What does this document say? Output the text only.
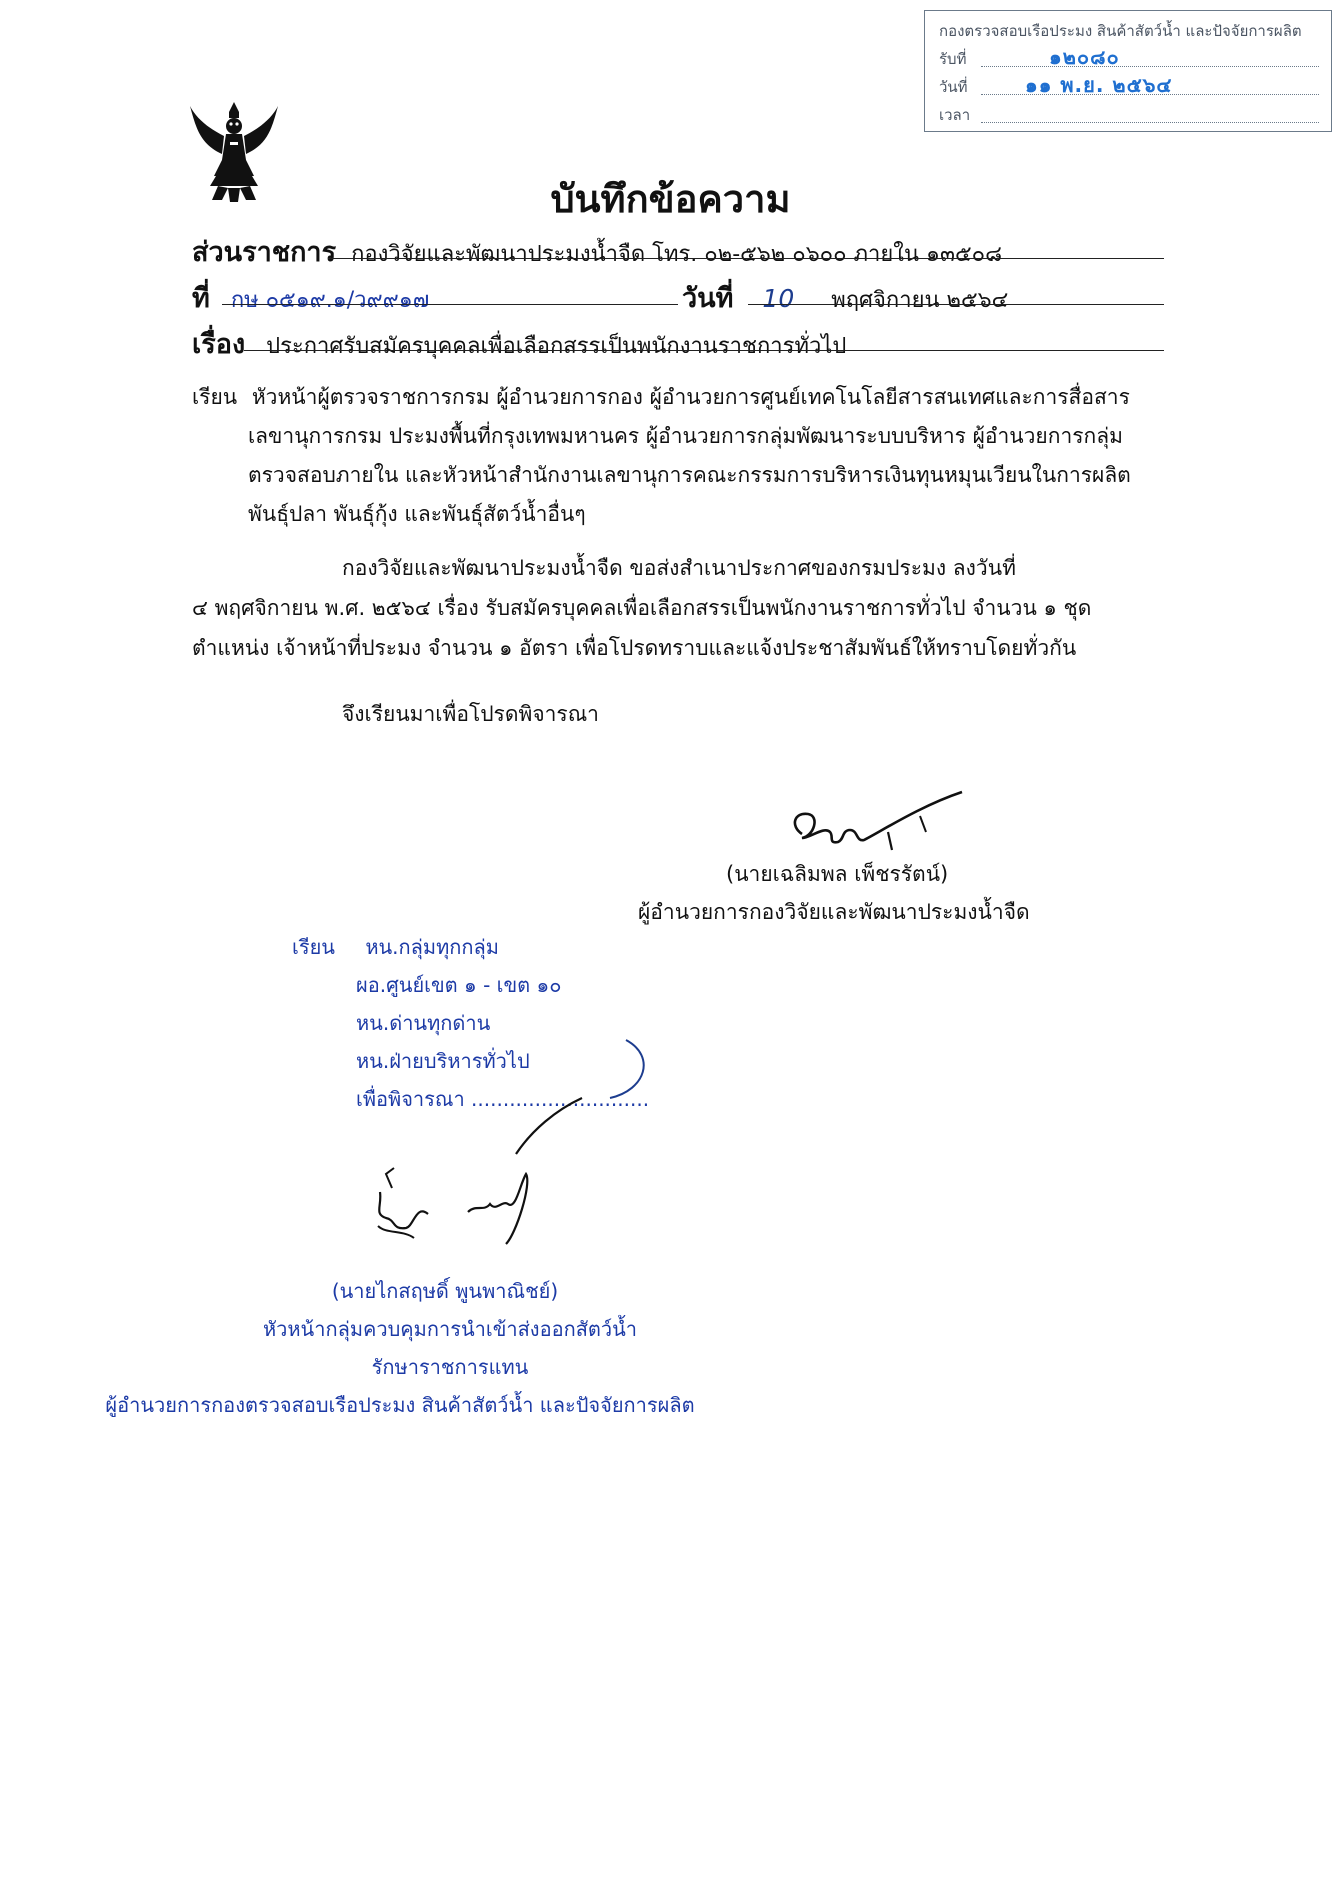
กองตรวจสอบเรือประมง สินค้าสัตว์น้ำ และปัจจัยการผลิต
รับที่	๑๒๐๘๐
วันที่	๑๑ พ.ย. ๒๕๖๔
เวลา
บันทึกข้อความ
ส่วนราชการ กองวิจัยและพัฒนาประมงน้ำจืด โทร. ๐๒-๕๖๒ ๐๖๐๐ ภายใน ๑๓๕๐๘
ที่ กษ ๐๕๑๙.๑/ว๙๙๑๗	วันที่ 10 พฤศจิกายน ๒๕๖๔
เรื่อง ประกาศรับสมัครบุคคลเพื่อเลือกสรรเป็นพนักงานราชการทั่วไป
เรียน หัวหน้าผู้ตรวจราชการกรม ผู้อำนวยการกอง ผู้อำนวยการศูนย์เทคโนโลยีสารสนเทศและการสื่อสาร
เลขานุการกรม ประมงพื้นที่กรุงเทพมหานคร ผู้อำนวยการกลุ่มพัฒนาระบบบริหาร ผู้อำนวยการกลุ่ม
ตรวจสอบภายใน และหัวหน้าสำนักงานเลขานุการคณะกรรมการบริหารเงินทุนหมุนเวียนในการผลิต
พันธุ์ปลา พันธุ์กุ้ง และพันธุ์สัตว์น้ำอื่นๆ
กองวิจัยและพัฒนาประมงน้ำจืด ขอส่งสำเนาประกาศของกรมประมง ลงวันที่
๔ พฤศจิกายน พ.ศ. ๒๕๖๔ เรื่อง รับสมัครบุคคลเพื่อเลือกสรรเป็นพนักงานราชการทั่วไป จำนวน ๑ ชุด
ตำแหน่ง เจ้าหน้าที่ประมง จำนวน ๑ อัตรา เพื่อโปรดทราบและแจ้งประชาสัมพันธ์ให้ทราบโดยทั่วกัน
จึงเรียนมาเพื่อโปรดพิจารณา
(นายเฉลิมพล เพ็ชรรัตน์)
ผู้อำนวยการกองวิจัยและพัฒนาประมงน้ำจืด
เรียน หน.กลุ่มทุกกลุ่ม
ผอ.ศูนย์เขต ๑ - เขต ๑๐
หน.ด่านทุกด่าน
หน.ฝ่ายบริหารทั่วไป
เพื่อพิจารณา ............................
(นายไกสฤษดิ์ พูนพาณิชย์)
หัวหน้ากลุ่มควบคุมการนำเข้าส่งออกสัตว์น้ำ
รักษาราชการแทน
ผู้อำนวยการกองตรวจสอบเรือประมง สินค้าสัตว์น้ำ และปัจจัยการผลิต
